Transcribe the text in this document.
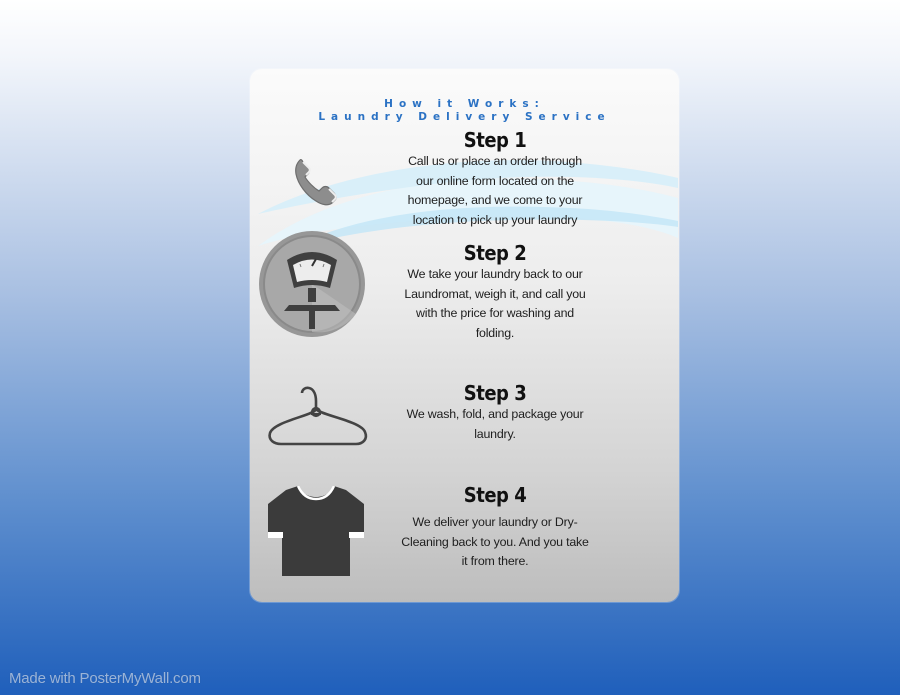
How it Works:
Laundry Delivery Service
Step 1

Call us or place an order through our online form located on the homepage, and we come to your location to pick up your laundry

Step 2

We take your laundry back to our Laundromat, weigh it, and call you with the price for washing and folding.

Step 3

We wash, fold, and package your laundry.

Step 4

We deliver your laundry or Dry-Cleaning back to you. And you take it from there.

Made with PosterMyWall.com
